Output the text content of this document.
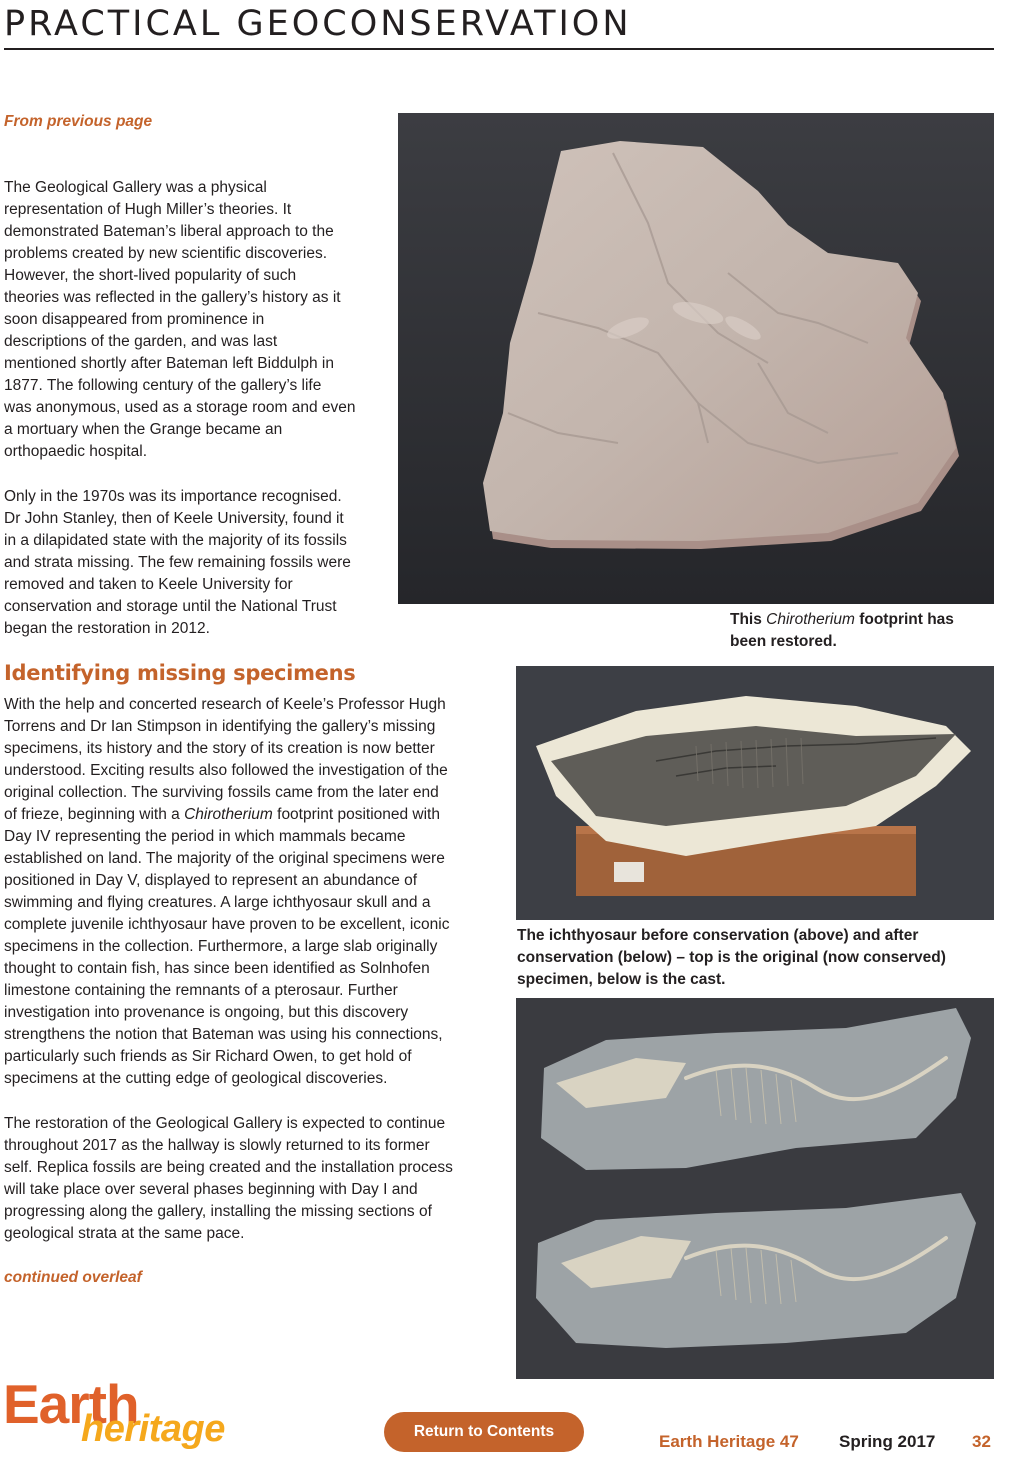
PRACTICAL GEOCONSERVATION
From previous page
The Geological Gallery was a physical
representation of Hugh Miller’s theories. It
demonstrated Bateman’s liberal approach to the
problems created by new scientific discoveries.
However, the short-lived popularity of such
theories was reflected in the gallery’s history as it
soon disappeared from prominence in
descriptions of the garden, and was last
mentioned shortly after Bateman left Biddulph in
1877. The following century of the gallery’s life
was anonymous, used as a storage room and even
a mortuary when the Grange became an
orthopaedic hospital.
Only in the 1970s was its importance recognised.
Dr John Stanley, then of Keele University, found it
in a dilapidated state with the majority of its fossils
and strata missing. The few remaining fossils were
removed and taken to Keele University for
conservation and storage until the National Trust
began the restoration in 2012.
This Chirotherium footprint has
been restored.
Identifying missing specimens
With the help and concerted research of Keele’s Professor Hugh
Torrens and Dr Ian Stimpson in identifying the gallery’s missing
specimens, its history and the story of its creation is now better
understood. Exciting results also followed the investigation of the
original collection. The surviving fossils came from the later end
of frieze, beginning with a Chirotherium footprint positioned with
Day IV representing the period in which mammals became
established on land. The majority of the original specimens were
positioned in Day V, displayed to represent an abundance of
swimming and flying creatures. A large ichthyosaur skull and a
complete juvenile ichthyosaur have proven to be excellent, iconic
specimens in the collection. Furthermore, a large slab originally
thought to contain fish, has since been identified as Solnhofen
limestone containing the remnants of a pterosaur. Further
investigation into provenance is ongoing, but this discovery
strengthens the notion that Bateman was using his connections,
particularly such friends as Sir Richard Owen, to get hold of
specimens at the cutting edge of geological discoveries.
The restoration of the Geological Gallery is expected to continue
throughout 2017 as the hallway is slowly returned to its former
self. Replica fossils are being created and the installation process
will take place over several phases beginning with Day I and
progressing along the gallery, installing the missing sections of
geological strata at the same pace.
continued overleaf
The ichthyosaur before conservation (above) and after
conservation (below) – top is the original (now conserved)
specimen, below is the cast.
Earth
heritage	Return to Contents
Earth Heritage 47 Spring 2017 32
